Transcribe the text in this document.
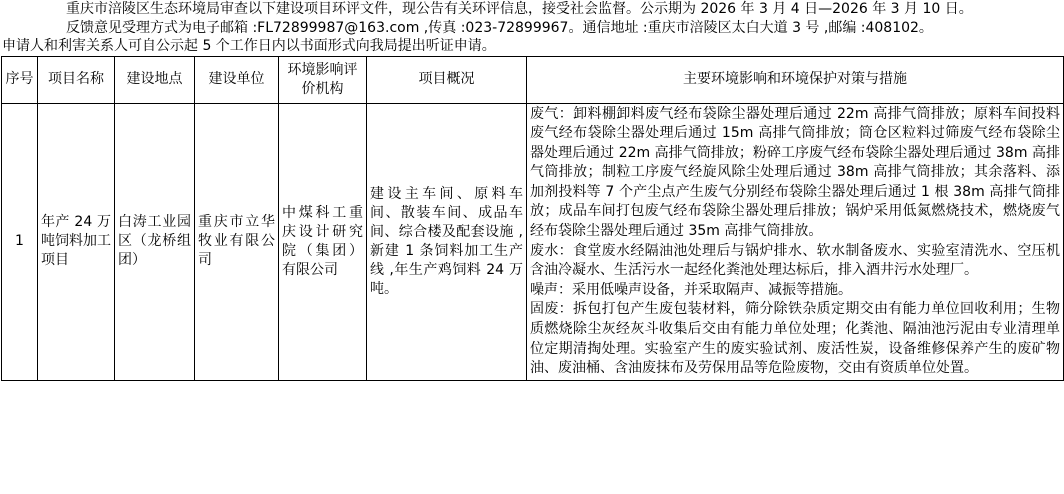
重庆市涪陵区生态环境局审查以下建设项目环评文件，现公告有关环评信息，接受社会监督。公示期为 2026 年 3 月 4 日—2026 年 3 月 10 日。

反馈意见受理方式为电子邮箱 :FL72899987@163.com ,传真 :023-72899967。通信地址 :重庆市涪陵区太白大道 3 号 ,邮编 :408102。

申请人和利害关系人可自公示起 5 个工作日内以书面形式向我局提出听证申请。

序号	项目名称	建设地点	建设单位	环境影响评价机构	项目概况	主要环境影响和环境保护对策与措施
1	年产 24 万吨饲料加工项目	白涛工业园区（龙桥组团）	重庆市立华牧业有限公司	中煤科工重庆设计研究院（集团）有限公司	建设主车间、原料车间、散装车间、成品车间、综合楼及配套设施 ,新建 1 条饲料加工生产线 ,年生产鸡饲料 24 万吨。	废气：卸料棚卸料废气经布袋除尘器处理后通过 22m 高排气筒排放；原料车间投料废气经布袋除尘器处理后通过 15m 高排气筒排放；筒仓区粒料过筛废气经布袋除尘器处理后通过 22m 高排气筒排放；粉碎工序废气经布袋除尘器处理后通过 38m 高排气筒排放；制粒工序废气经旋风除尘处理后通过 38m 高排气筒排放；其余落料、添加剂投料等 7 个产尘点产生废气分别经布袋除尘器处理后通过 1 根 38m 高排气筒排放；成品车间打包废气经布袋除尘器处理后排放；锅炉采用低氮燃烧技术，燃烧废气经布袋除尘器处理后通过 35m 高排气筒排放。

废水：食堂废水经隔油池处理后与锅炉排水、软水制备废水、实验室清洗水、空压机含油冷凝水、生活污水一起经化粪池处理达标后，排入酒井污水处理厂。

噪声：采用低噪声设备，并采取隔声、减振等措施。

固废：拆包打包产生废包装材料，筛分除铁杂质定期交由有能力单位回收利用；生物质燃烧除尘灰经灰斗收集后交由有能力单位处理；化粪池、隔油池污泥由专业清理单位定期清掏处理。实验室产生的废实验试剂、废活性炭，设备维修保养产生的废矿物油、废油桶、含油废抹布及劳保用品等危险废物，交由有资质单位处置。
